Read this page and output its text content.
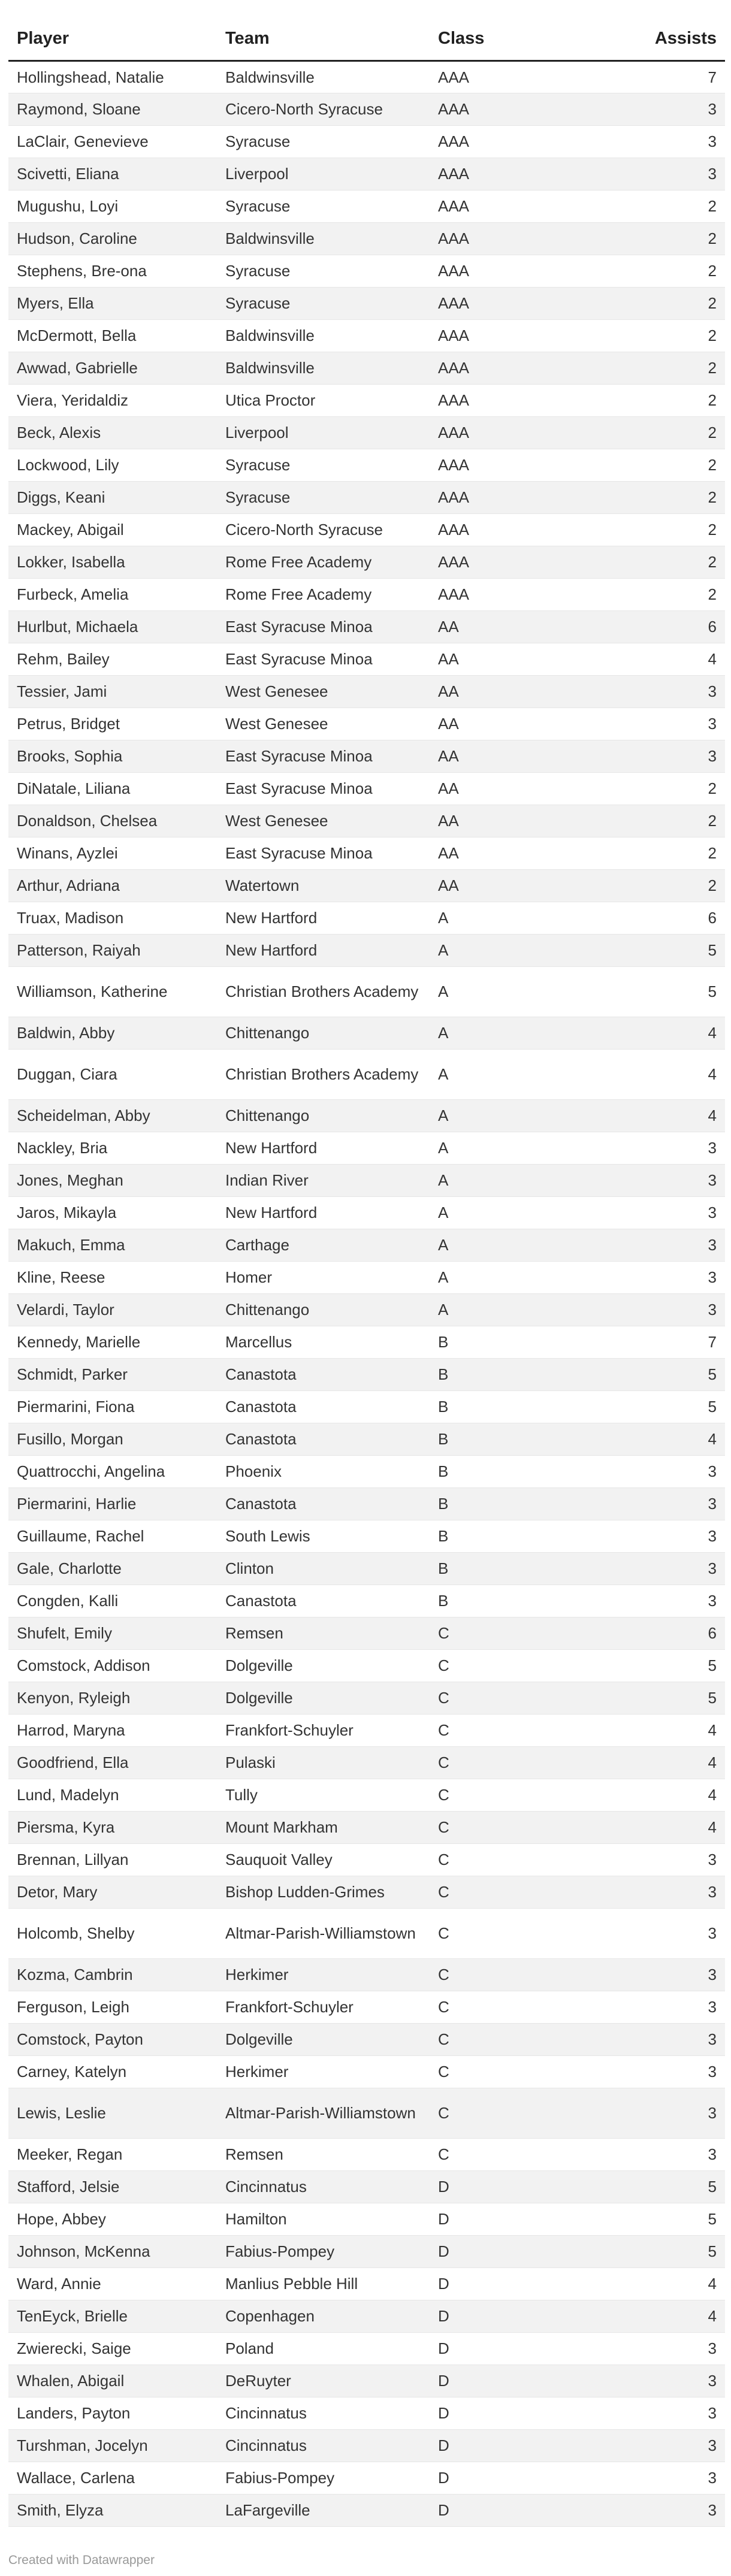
Player	Team	Class	Assists
Hollingshead, Natalie	Baldwinsville	AAA	7
Raymond, Sloane	Cicero-North Syracuse	AAA	3
LaClair, Genevieve	Syracuse	AAA	3
Scivetti, Eliana	Liverpool	AAA	3
Mugushu, Loyi	Syracuse	AAA	2
Hudson, Caroline	Baldwinsville	AAA	2
Stephens, Bre-ona	Syracuse	AAA	2
Myers, Ella	Syracuse	AAA	2
McDermott, Bella	Baldwinsville	AAA	2
Awwad, Gabrielle	Baldwinsville	AAA	2
Viera, Yeridaldiz	Utica Proctor	AAA	2
Beck, Alexis	Liverpool	AAA	2
Lockwood, Lily	Syracuse	AAA	2
Diggs, Keani	Syracuse	AAA	2
Mackey, Abigail	Cicero-North Syracuse	AAA	2
Lokker, Isabella	Rome Free Academy	AAA	2
Furbeck, Amelia	Rome Free Academy	AAA	2
Hurlbut, Michaela	East Syracuse Minoa	AA	6
Rehm, Bailey	East Syracuse Minoa	AA	4
Tessier, Jami	West Genesee	AA	3
Petrus, Bridget	West Genesee	AA	3
Brooks, Sophia	East Syracuse Minoa	AA	3
DiNatale, Liliana	East Syracuse Minoa	AA	2
Donaldson, Chelsea	West Genesee	AA	2
Winans, Ayzlei	East Syracuse Minoa	AA	2
Arthur, Adriana	Watertown	AA	2
Truax, Madison	New Hartford	A	6
Patterson, Raiyah	New Hartford	A	5
Williamson, Katherine	Christian Brothers Academy	A	5
Baldwin, Abby	Chittenango	A	4
Duggan, Ciara	Christian Brothers Academy	A	4
Scheidelman, Abby	Chittenango	A	4
Nackley, Bria	New Hartford	A	3
Jones, Meghan	Indian River	A	3
Jaros, Mikayla	New Hartford	A	3
Makuch, Emma	Carthage	A	3
Kline, Reese	Homer	A	3
Velardi, Taylor	Chittenango	A	3
Kennedy, Marielle	Marcellus	B	7
Schmidt, Parker	Canastota	B	5
Piermarini, Fiona	Canastota	B	5
Fusillo, Morgan	Canastota	B	4
Quattrocchi, Angelina	Phoenix	B	3
Piermarini, Harlie	Canastota	B	3
Guillaume, Rachel	South Lewis	B	3
Gale, Charlotte	Clinton	B	3
Congden, Kalli	Canastota	B	3
Shufelt, Emily	Remsen	C	6
Comstock, Addison	Dolgeville	C	5
Kenyon, Ryleigh	Dolgeville	C	5
Harrod, Maryna	Frankfort-Schuyler	C	4
Goodfriend, Ella	Pulaski	C	4
Lund, Madelyn	Tully	C	4
Piersma, Kyra	Mount Markham	C	4
Brennan, Lillyan	Sauquoit Valley	C	3
Detor, Mary	Bishop Ludden-Grimes	C	3
Holcomb, Shelby	Altmar-Parish-Williamstown	C	3
Kozma, Cambrin	Herkimer	C	3
Ferguson, Leigh	Frankfort-Schuyler	C	3
Comstock, Payton	Dolgeville	C	3
Carney, Katelyn	Herkimer	C	3
Lewis, Leslie	Altmar-Parish-Williamstown	C	3
Meeker, Regan	Remsen	C	3
Stafford, Jelsie	Cincinnatus	D	5
Hope, Abbey	Hamilton	D	5
Johnson, McKenna	Fabius-Pompey	D	5
Ward, Annie	Manlius Pebble Hill	D	4
TenEyck, Brielle	Copenhagen	D	4
Zwierecki, Saige	Poland	D	3
Whalen, Abigail	DeRuyter	D	3
Landers, Payton	Cincinnatus	D	3
Turshman, Jocelyn	Cincinnatus	D	3
Wallace, Carlena	Fabius-Pompey	D	3
Smith, Elyza	LaFargeville	D	3
Created with Datawrapper
